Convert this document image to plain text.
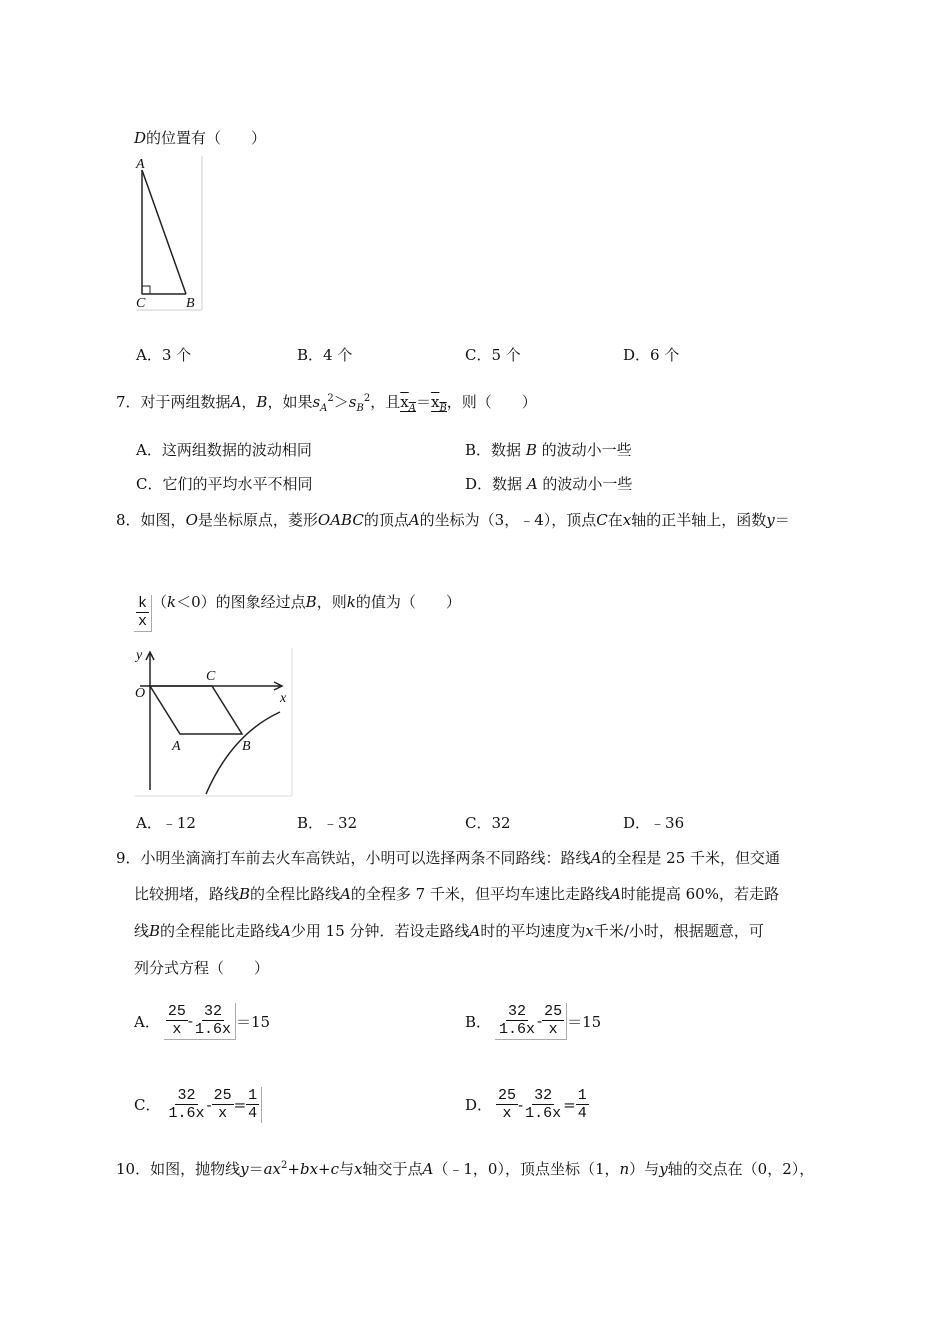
D的位置有（　　）
A
C	B
A．3 个	B．4 个	C．5 个	D．6 个
7．对于两组数据A，B，如果$s_A^2>s_B^2$，且$x_A=x_B$，则（　　）
A．这两组数据的波动相同	B．数据 B 的波动小一些
C．它们的平均水平不相同	D．数据 A 的波动小一些
8．如图，O是坐标原点，菱形OABC的顶点A的坐标为（3，﹣4），顶点C在x轴的正半轴上，函数y＝
$\frac{k}{x} (k<0)$的图象经过点B，则k的值为（　　）
y
x
O
C
A	B
A．﹣12	B．﹣32	C．32	D．﹣36
9．小明坐滴滴打车前去火车高铁站，小明可以选择两条不同路线：路线A的全程是 25 千米，但交通
比较拥堵，路线B的全程比路线A的全程多 7 千米，但平均车速比走路线A时能提高 60%，若走路
线B的全程能比走路线A少用 15 分钟．若设走路线A时的平均速度为x千米/小时，根据题意，可
列分式方程（　　）
A． $\frac{25}{x} - \frac{32}{1.6x} =15$	B． $\frac{32}{1.6x} - \frac{25}{x} =15$
C． $\frac{32}{1.6x} - \frac{25}{x} = \frac{1}{4}$	D． $\frac{25}{x} - \frac{32}{1.6x} = \frac{1}{4}$
10．如图，抛物线$y=ax^2+bx+c$与x轴交于点A（﹣1，0），顶点坐标（1，n）与y轴的交点在（0，2），
